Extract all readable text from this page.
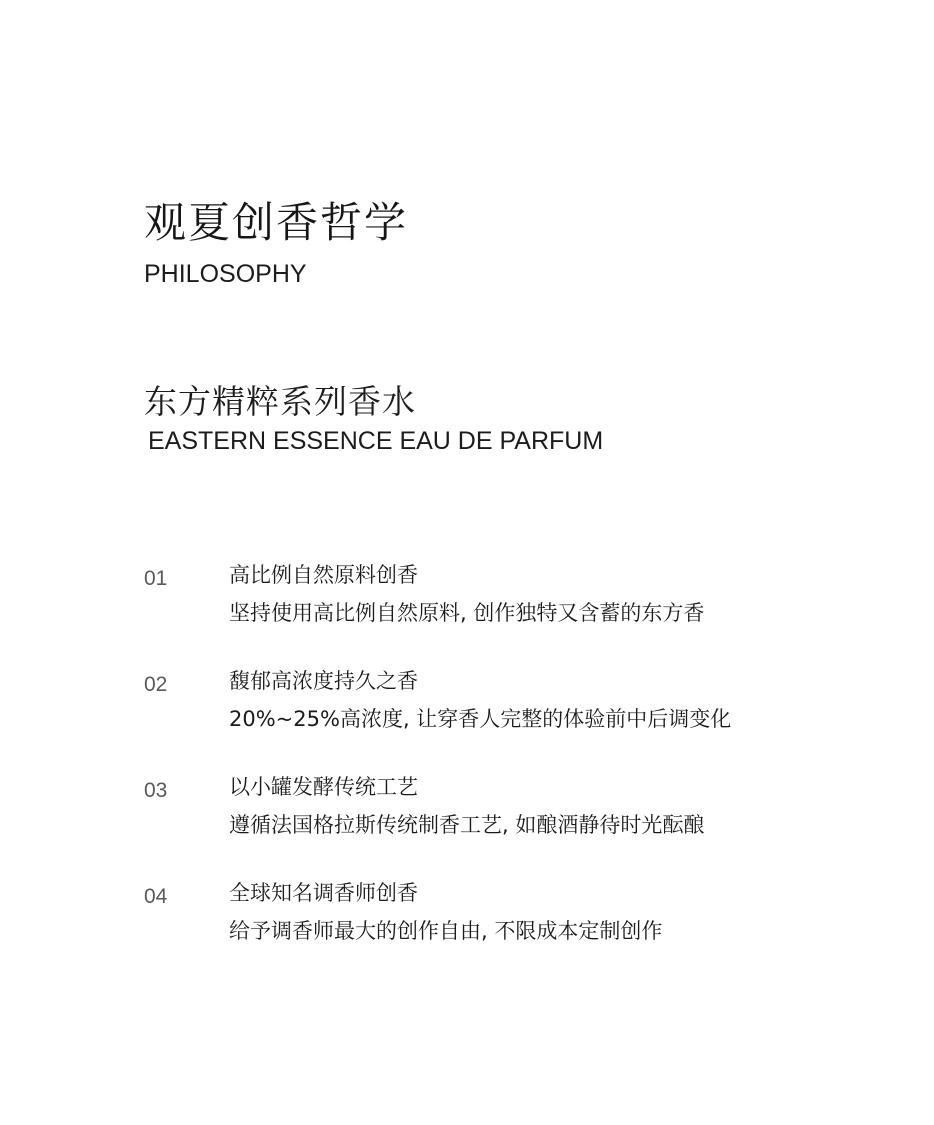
观夏创香哲学
PHILOSOPHY
东方精粹系列香水
EASTERN ESSENCE EAU DE PARFUM
01	高比例自然原料创香
坚持使用高比例自然原料, 创作独特又含蓄的东方香
02	馥郁高浓度持久之香
20%~25%高浓度, 让穿香人完整的体验前中后调变化
03	以小罐发酵传统工艺
遵循法国格拉斯传统制香工艺, 如酿酒静待时光酝酿
04	全球知名调香师创香
给予调香师最大的创作自由, 不限成本定制创作
